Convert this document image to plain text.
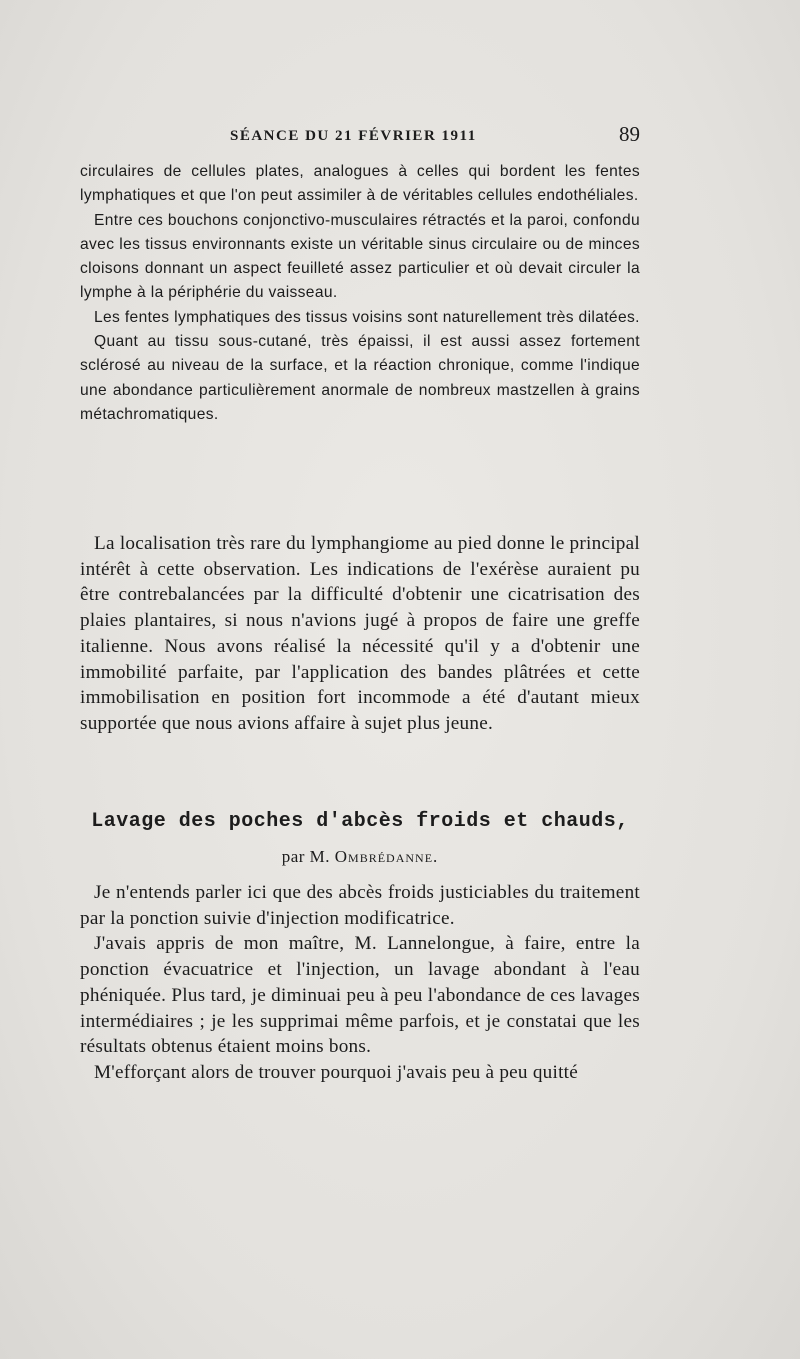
SÉANCE DU 21 FÉVRIER 1911	89

circulaires de cellules plates, analogues à celles qui bordent les fentes lymphatiques et que l'on peut assimiler à de véritables cellules endothéliales.

Entre ces bouchons conjonctivo-musculaires rétractés et la paroi, confondu avec les tissus environnants existe un véritable sinus circulaire ou de minces cloisons donnant un aspect feuilleté assez particulier et où devait circuler la lymphe à la périphérie du vaisseau.

Les fentes lymphatiques des tissus voisins sont naturellement très dilatées.

Quant au tissu sous-cutané, très épaissi, il est aussi assez fortement sclérosé au niveau de la surface, et la réaction chronique, comme l'indique une abondance particulièrement anormale de nombreux mastzellen à grains métachromatiques.

La localisation très rare du lymphangiome au pied donne le principal intérêt à cette observation. Les indications de l'exérèse auraient pu être contrebalancées par la difficulté d'obtenir une cicatrisation des plaies plantaires, si nous n'avions jugé à propos de faire une greffe italienne. Nous avons réalisé la nécessité qu'il y a d'obtenir une immobilité parfaite, par l'application des bandes plâtrées et cette immobilisation en position fort incommode a été d'autant mieux supportée que nous avions affaire à sujet plus jeune.

Lavage des poches d'abcès froids et chauds,
par M. Ombrédanne.

Je n'entends parler ici que des abcès froids justiciables du traitement par la ponction suivie d'injection modificatrice.

J'avais appris de mon maître, M. Lannelongue, à faire, entre la ponction évacuatrice et l'injection, un lavage abondant à l'eau phéniquée. Plus tard, je diminuai peu à peu l'abondance de ces lavages intermédiaires ; je les supprimai même parfois, et je constatai que les résultats obtenus étaient moins bons.

M'efforçant alors de trouver pourquoi j'avais peu à peu quitté
